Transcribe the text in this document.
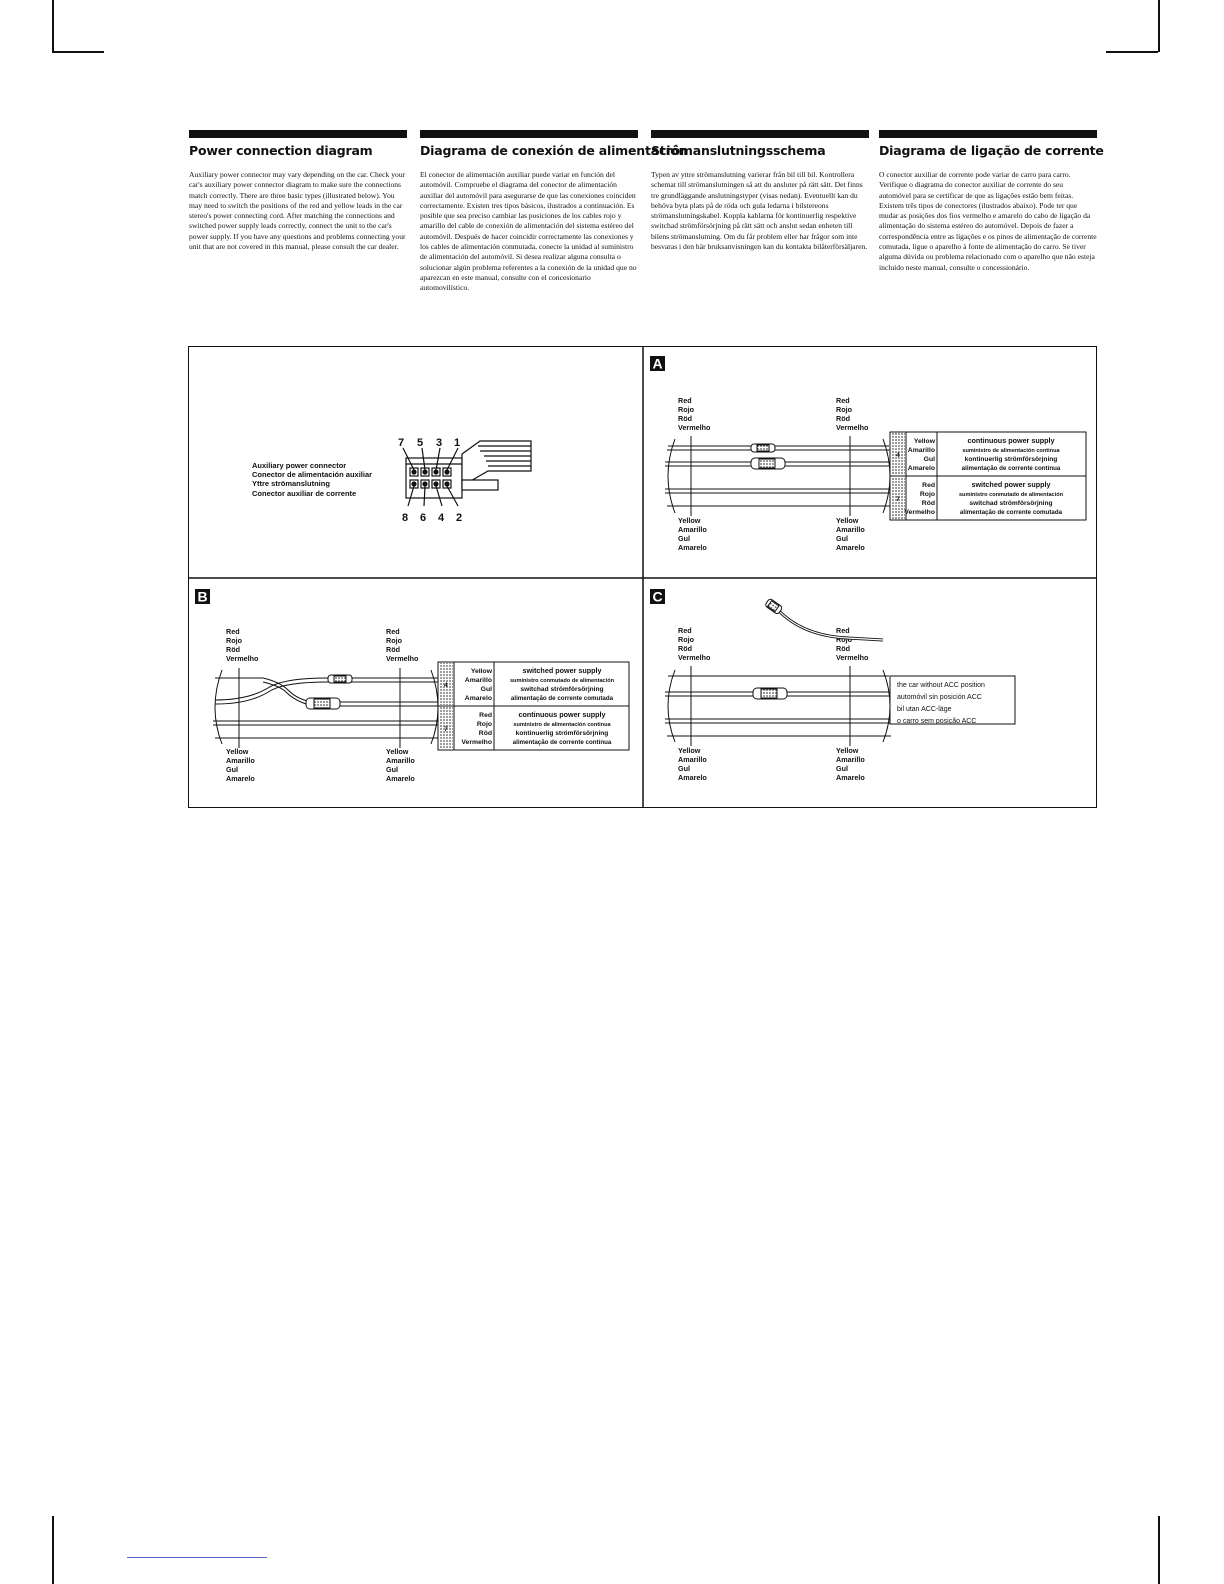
Power connection diagram

Auxiliary power connector may vary depending on the car. Check your car's auxiliary power connector diagram to make sure the connections match correctly. There are three basic types (illustrated below). You may need to switch the positions of the red and yellow leads in the car stereo's power connecting cord. After matching the connections and switched power supply leads correctly, connect the unit to the car's power supply. If you have any questions and problems connecting your unit that are not covered in this manual, please consult the car dealer.

Diagrama de conexión de alimentación

El conector de alimentación auxiliar puede variar en función del automóvil. Compruebe el diagrama del conector de alimentación auxiliar del automóvil para asegurarse de que las conexiones coinciden correctamente. Existen tres tipos básicos, ilustrados a continuación. Es posible que sea preciso cambiar las posiciones de los cables rojo y amarillo del cable de conexión de alimentación del sistema estéreo del automóvil. Después de hacer coincidir correctamente las conexiones y los cables de alimentación conmutada, conecte la unidad al suministro de alimentación del automóvil. Si desea realizar alguna consulta o solucionar algún problema referentes a la conexión de la unidad que no aparezcan en este manual, consulte con el concesionario automovilístico.

Strömanslutningsschema

Typen av yttre strömanslutning varierar från bil till bil. Kontrollera schemat till strömanslutningen så att du ansluter på rätt sätt. Det finns tre grundläggande anslutningstyper (visas nedan). Eventuellt kan du behöva byta plats på de röda och gula ledarna i bilstereons strömanslutningskabel. Koppla kablarna för kontinuerlig respektive switchad strömförsörjning på rätt sätt och anslut sedan enheten till bilens strömanslutning. Om du får problem eller har frågor som inte besvaras i den här bruksanvisningen kan du kontakta bilåterförsäljaren.

Diagrama de ligação de corrente

O conector auxiliar de corrente pode variar de carro para carro. Verifique o diagrama do conector auxiliar de corrente do seu automóvel para se certificar de que as ligações estão bem feitas. Existem três tipos de conectores (ilustrados abaixo). Pode ter que mudar as posições dos fios vermelho e amarelo do cabo de ligação da alimentação do sistema estéreo do automóvel. Depois de fazer a correspondência entre as ligações e os pinos de alimentação de corrente comutada, ligue o aparelho à fonte de alimentação do carro. Se tiver alguma dúvida ou problema relacionado com o aparelho que não esteja incluído neste manual, consulte o concessionário.

Auxiliary power connector
Conector de alimentación auxiliar
Yttre strömanslutning
Conector auxiliar de corrente
7 5 3 1
8 6 4 2
A
Red
Rojo
Röd
Vermelho
Red
Rojo
Röd
Vermelho
Yellow
Amarillo
Gul
Amarelo
Yellow
Amarillo
Gul
Amarelo
4
7
Yellow
Amarillo
Gul
Amarelo
Red
Rojo
Röd
Vermelho
continuous power supply
suministro de alimentación continua
kontinuerlig strömförsörjning
alimentação de corrente contínua
switched power supply
suministro conmutado de alimentación
switchad strömförsörjning
alimentação de corrente comutada
B
Red
Rojo
Röd
Vermelho
Red
Rojo
Röd
Vermelho
Yellow
Amarillo
Gul
Amarelo
Yellow
Amarillo
Gul
Amarelo
4
7
Yellow
Amarillo
Gul
Amarelo
Red
Rojo
Röd
Vermelho
switched power supply
suministro conmutado de alimentación
switchad strömförsörjning
alimentação de corrente comutada
continuous power supply
suministro de alimentación continua
kontinuerlig strömförsörjning
alimentação de corrente contínua
C
Red
Rojo
Röd
Vermelho
Red
Rojo
Röd
Vermelho
Yellow
Amarillo
Gul
Amarelo
Yellow
Amarillo
Gul
Amarelo
the car without ACC position
automóvil sin posición ACC
bil utan ACC-läge
o carro sem posição ACC
